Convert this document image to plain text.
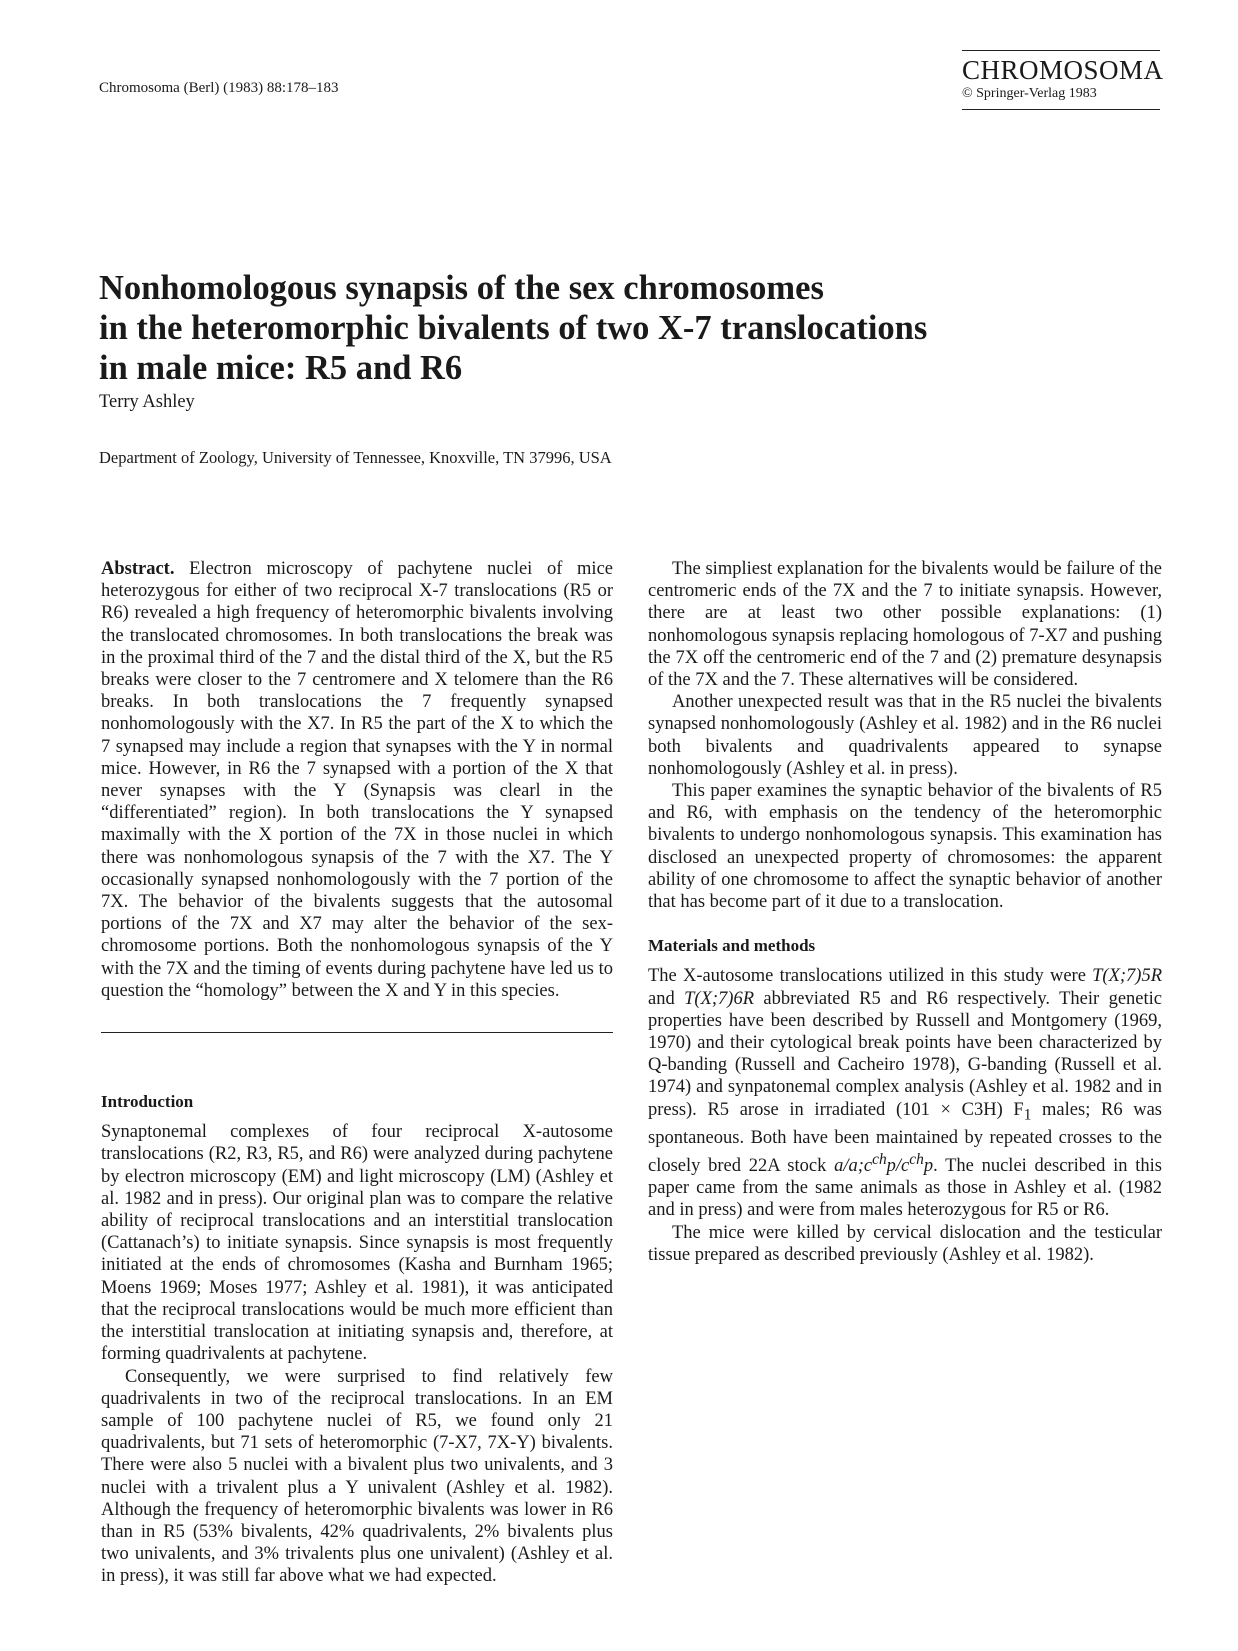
Chromosoma (Berl) (1983) 88:178–183
CHROMOSOMA
© Springer-Verlag 1983
Nonhomologous synapsis of the sex chromosomes
in the heteromorphic bivalents of two X-7 translocations
in male mice: R5 and R6
Terry Ashley
Department of Zoology, University of Tennessee, Knoxville, TN 37996, USA

Abstract. Electron microscopy of pachytene nuclei of mice heterozygous for either of two reciprocal X-7 translocations (R5 or R6) revealed a high frequency of heteromorphic bivalents involving the translocated chromosomes. In both translocations the break was in the proximal third of the 7 and the distal third of the X, but the R5 breaks were closer to the 7 centromere and X telomere than the R6 breaks. In both translocations the 7 frequently synapsed nonhomologously with the X7. In R5 the part of the X to which the 7 synapsed may include a region that synapses with the Y in normal mice. However, in R6 the 7 synapsed with a portion of the X that never synapses with the Y (Synapsis was clearl in the “differentiated” region). In both translocations the Y synapsed maximally with the X portion of the 7X in those nuclei in which there was nonhomologous synapsis of the 7 with the X7. The Y occasionally synapsed nonhomologously with the 7 portion of the 7X. The behavior of the bivalents suggests that the autosomal portions of the 7X and X7 may alter the behavior of the sex-chromosome portions. Both the nonhomologous synapsis of the Y with the 7X and the timing of events during pachytene have led us to question the “homology” between the X and Y in this species.

Introduction

Synaptonemal complexes of four reciprocal X-autosome translocations (R2, R3, R5, and R6) were analyzed during pachytene by electron microscopy (EM) and light microscopy (LM) (Ashley et al. 1982 and in press). Our original plan was to compare the relative ability of reciprocal translocations and an interstitial translocation (Cattanach’s) to initiate synapsis. Since synapsis is most frequently initiated at the ends of chromosomes (Kasha and Burnham 1965; Moens 1969; Moses 1977; Ashley et al. 1981), it was anticipated that the reciprocal translocations would be much more efficient than the interstitial translocation at initiating synapsis and, therefore, at forming quadrivalents at pachytene.

Consequently, we were surprised to find relatively few quadrivalents in two of the reciprocal translocations. In an EM sample of 100 pachytene nuclei of R5, we found only 21 quadrivalents, but 71 sets of heteromorphic (7-X7, 7X-Y) bivalents. There were also 5 nuclei with a bivalent plus two univalents, and 3 nuclei with a trivalent plus a Y univalent (Ashley et al. 1982). Although the frequency of heteromorphic bivalents was lower in R6 than in R5 (53% bivalents, 42% quadrivalents, 2% bivalents plus two univalents, and 3% trivalents plus one univalent) (Ashley et al. in press), it was still far above what we had expected.

The simpliest explanation for the bivalents would be failure of the centromeric ends of the 7X and the 7 to initiate synapsis. However, there are at least two other possible explanations: (1) nonhomologous synapsis replacing homologous of 7-X7 and pushing the 7X off the centromeric end of the 7 and (2) premature desynapsis of the 7X and the 7. These alternatives will be considered.

Another unexpected result was that in the R5 nuclei the bivalents synapsed nonhomologously (Ashley et al. 1982) and in the R6 nuclei both bivalents and quadrivalents appeared to synapse nonhomologously (Ashley et al. in press).

This paper examines the synaptic behavior of the bivalents of R5 and R6, with emphasis on the tendency of the heteromorphic bivalents to undergo nonhomologous synapsis. This examination has disclosed an unexpected property of chromosomes: the apparent ability of one chromosome to affect the synaptic behavior of another that has become part of it due to a translocation.

Materials and methods

The X-autosome translocations utilized in this study were T(X;7)5R and T(X;7)6R abbreviated R5 and R6 respectively. Their genetic properties have been described by Russell and Montgomery (1969, 1970) and their cytological break points have been characterized by Q-banding (Russell and Cacheiro 1978), G-banding (Russell et al. 1974) and synpatonemal complex analysis (Ashley et al. 1982 and in press). R5 arose in irradiated (101 × C3H) $F_1$ males; R6 was spontaneous. Both have been maintained by repeated crosses to the closely bred 22A stock $a/a;c^{ch}p/c^{ch}p$. The nuclei described in this paper came from the same animals as those in Ashley et al. (1982 and in press) and were from males heterozygous for R5 or R6.

The mice were killed by cervical dislocation and the testicular tissue prepared as described previously (Ashley et al. 1982).
